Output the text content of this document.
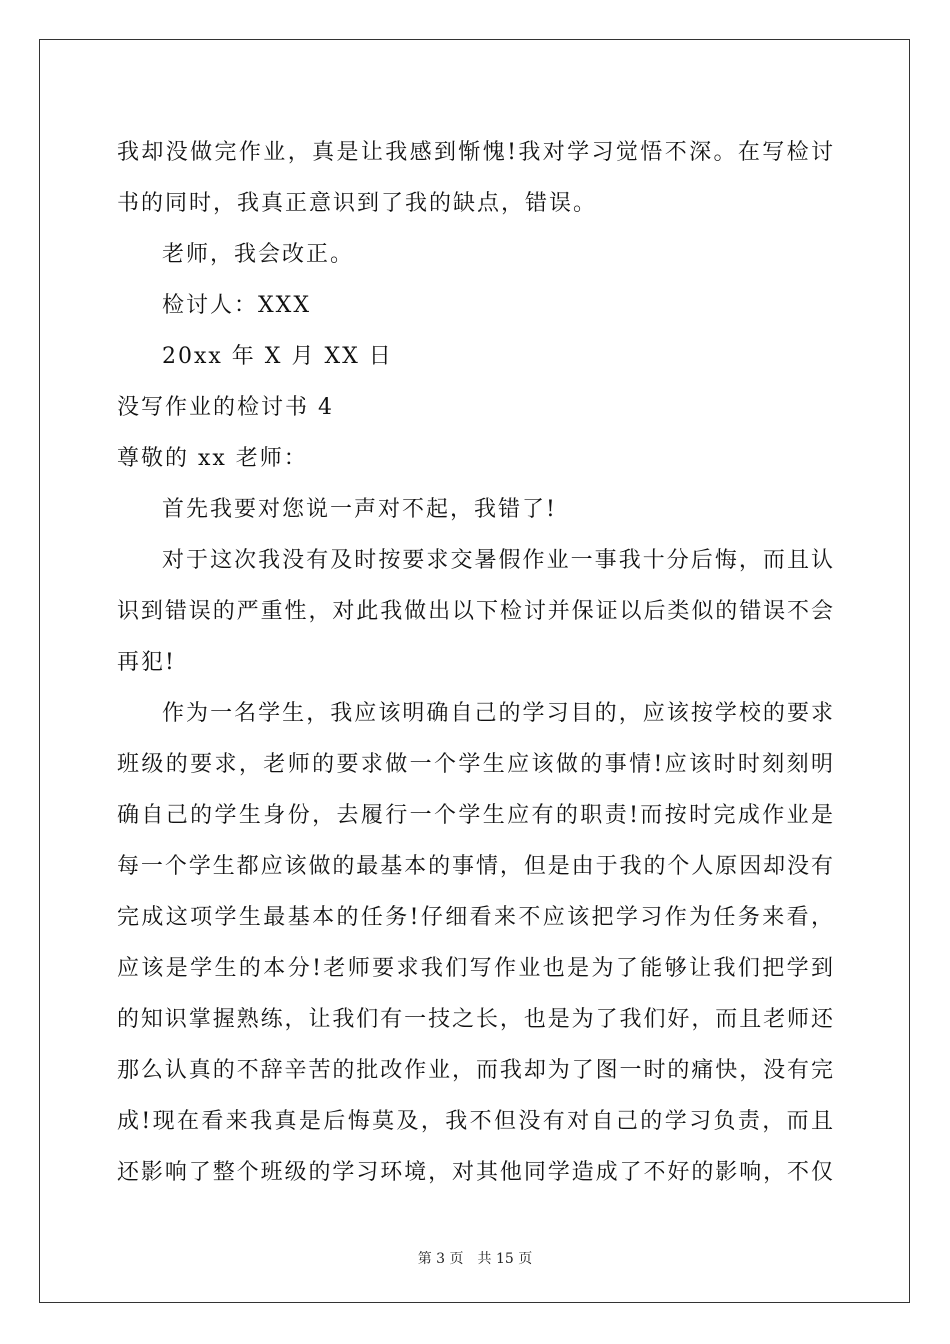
我却没做完作业，真是让我感到惭愧!我对学习觉悟不深。在写检讨
书的同时，我真正意识到了我的缺点，错误。
老师，我会改正。
检讨人：XXX
20xx 年 X 月 XX 日
没写作业的检讨书 4
尊敬的 xx 老师：
首先我要对您说一声对不起，我错了!
对于这次我没有及时按要求交暑假作业一事我十分后悔，而且认
识到错误的严重性，对此我做出以下检讨并保证以后类似的错误不会
再犯!
作为一名学生，我应该明确自己的学习目的，应该按学校的要求
班级的要求，老师的要求做一个学生应该做的事情!应该时时刻刻明
确自己的学生身份，去履行一个学生应有的职责!而按时完成作业是
每一个学生都应该做的最基本的事情，但是由于我的个人原因却没有
完成这项学生最基本的任务!仔细看来不应该把学习作为任务来看，
应该是学生的本分!老师要求我们写作业也是为了能够让我们把学到
的知识掌握熟练，让我们有一技之长，也是为了我们好，而且老师还
那么认真的不辞辛苦的批改作业，而我却为了图一时的痛快，没有完
成!现在看来我真是后悔莫及，我不但没有对自己的学习负责，而且
还影响了整个班级的学习环境，对其他同学造成了不好的影响，不仅
第 3 页　共 15 页
